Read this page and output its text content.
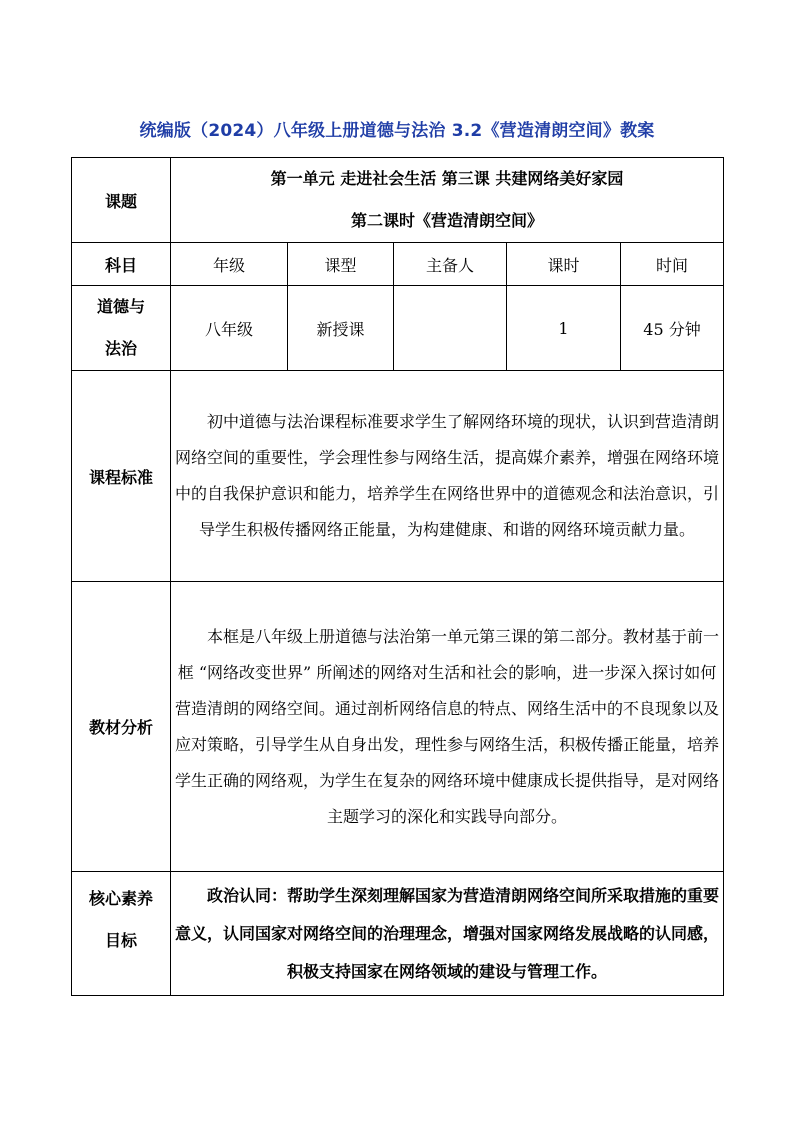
统编版（2024）八年级上册道德与法治 3.2《营造清朗空间》教案
课题	第一单元 走进社会生活 第三课 共建网络美好家园
第二课时《营造清朗空间》				

科目	年级	课型	主备人	课时	时间

道德与
法治	八年级	新授课		1	45 分钟
课程标准	初中道德与法治课程标准要求学生了解网络环境的现状，认识到营造清朗网络空间的重要性，学会理性参与网络生活，提高媒介素养，增强在网络环境中的自我保护意识和能力，培养学生在网络世界中的道德观念和法治意识，引导学生积极传播网络正能量，为构建健康、和谐的网络环境贡献力量。				
教材分析	本框是八年级上册道德与法治第一单元第三课的第二部分。教材基于前一框 “网络改变世界” 所阐述的网络对生活和社会的影响，进一步深入探讨如何营造清朗的网络空间。通过剖析网络信息的特点、网络生活中的不良现象以及应对策略，引导学生从自身出发，理性参与网络生活，积极传播正能量，培养学生正确的网络观，为学生在复杂的网络环境中健康成长提供指导，是对网络主题学习的深化和实践导向部分。				

核心素养
目标	政治认同：帮助学生深刻理解国家为营造清朗网络空间所采取措施的重要意义，认同国家对网络空间的治理理念，增强对国家网络发展战略的认同感，积极支持国家在网络领域的建设与管理工作。				
